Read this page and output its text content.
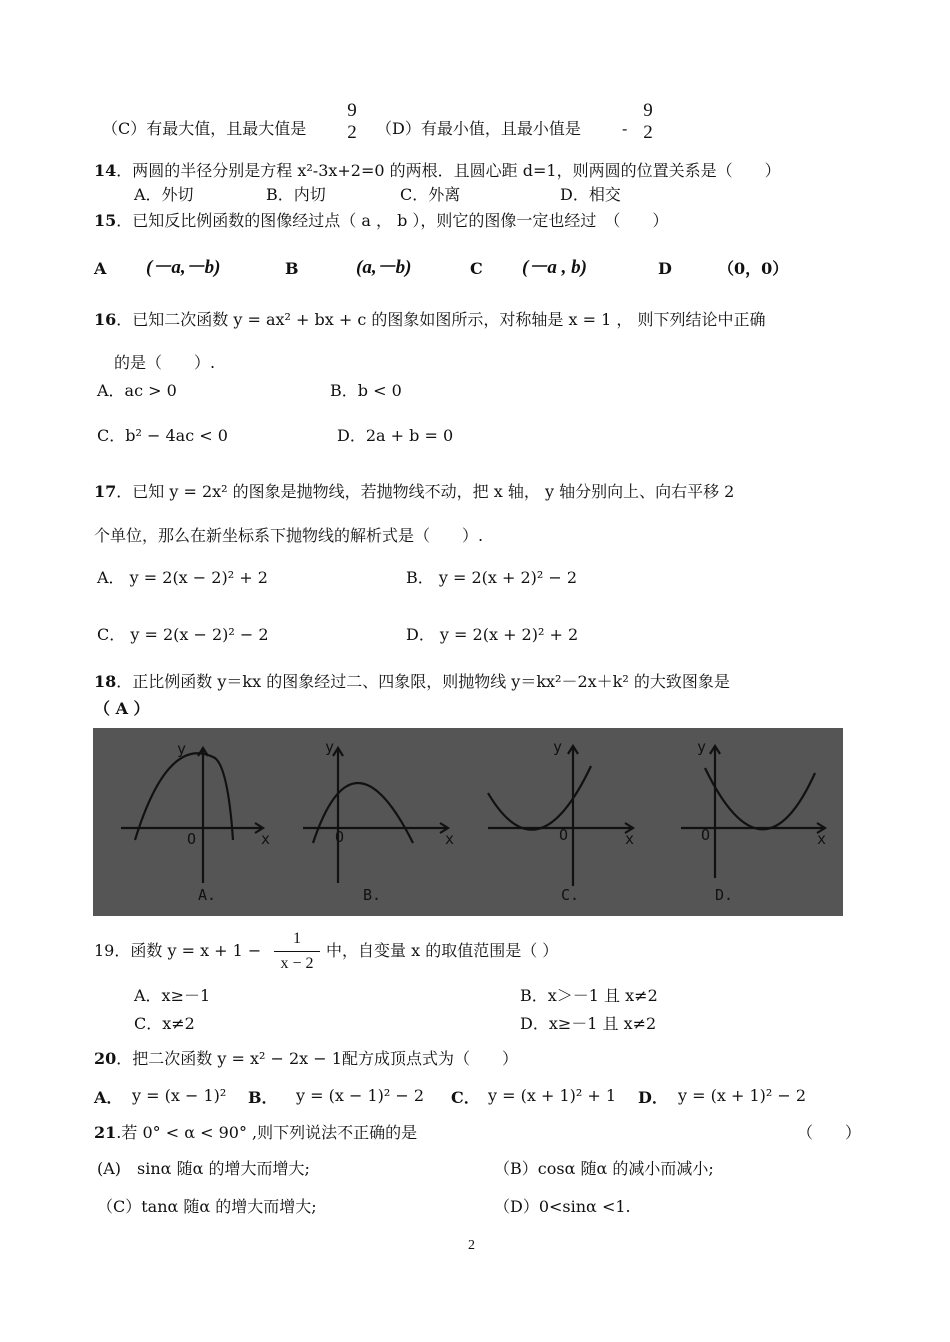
（C）有最大值，且最大值是
9
2	（D）有最小值，且最小值是	-
9
2
14．两圆的半径分别是方程 x²-3x+2=0 的两根．且圆心距 d=1，则两圆的位置关系是（　　）
A．外切	B．内切	C．外离	D．相交
15．已知反比例函数的图像经过点（ a ， b ），则它的图像一定也经过　（　　）
A (－a,－b)	B	(a,－b)	C (－a , b)	D	（0，0）
16．已知二次函数 y = ax² + bx + c 的图象如图所示，对称轴是 x = 1 ， 则下列结论中正确
的是（　　）.
A．ac > 0	B．b < 0
C．b² − 4ac < 0	D．2a + b = 0
17．已知 y = 2x² 的图象是抛物线，若抛物线不动，把 x 轴， y 轴分别向上、向右平移 2
个单位，那么在新坐标系下抛物线的解析式是（　　）.
A． y = 2(x − 2)² + 2	B． y = 2(x + 2)² − 2
C． y = 2(x − 2)² − 2	D． y = 2(x + 2)² + 2
18．正比例函数 y＝kx 的图象经过二、四象限，则抛物线 y＝kx²－2x＋k² 的大致图象是
（ A ）
y
x
O
A.
y
x
O
B.
y
x
O
C.
y
x
O
D.
19．函数 $y = x + 1 - \frac{1}{x - 2}$ 中，自变量 x 的取值范围是（ ）
A．x≥－1	B．x＞－1 且 x≠2
C．x≠2	D．x≥－1 且 x≠2
20．把二次函数 y = x² − 2x − 1配方成顶点式为（　　）
A． y = (x − 1)² B． y = (x − 1)² − 2 C． y = (x + 1)² + 1 D． y = (x + 1)² − 2
21.若 0° < α < 90° ,则下列说法不正确的是	（　　）
(A)　sinα 随α 的增大而增大;	（B）cosα 随α 的减小而减小;
（C）tanα 随α 的增大而增大;	（D）0<sinα <1.
2
